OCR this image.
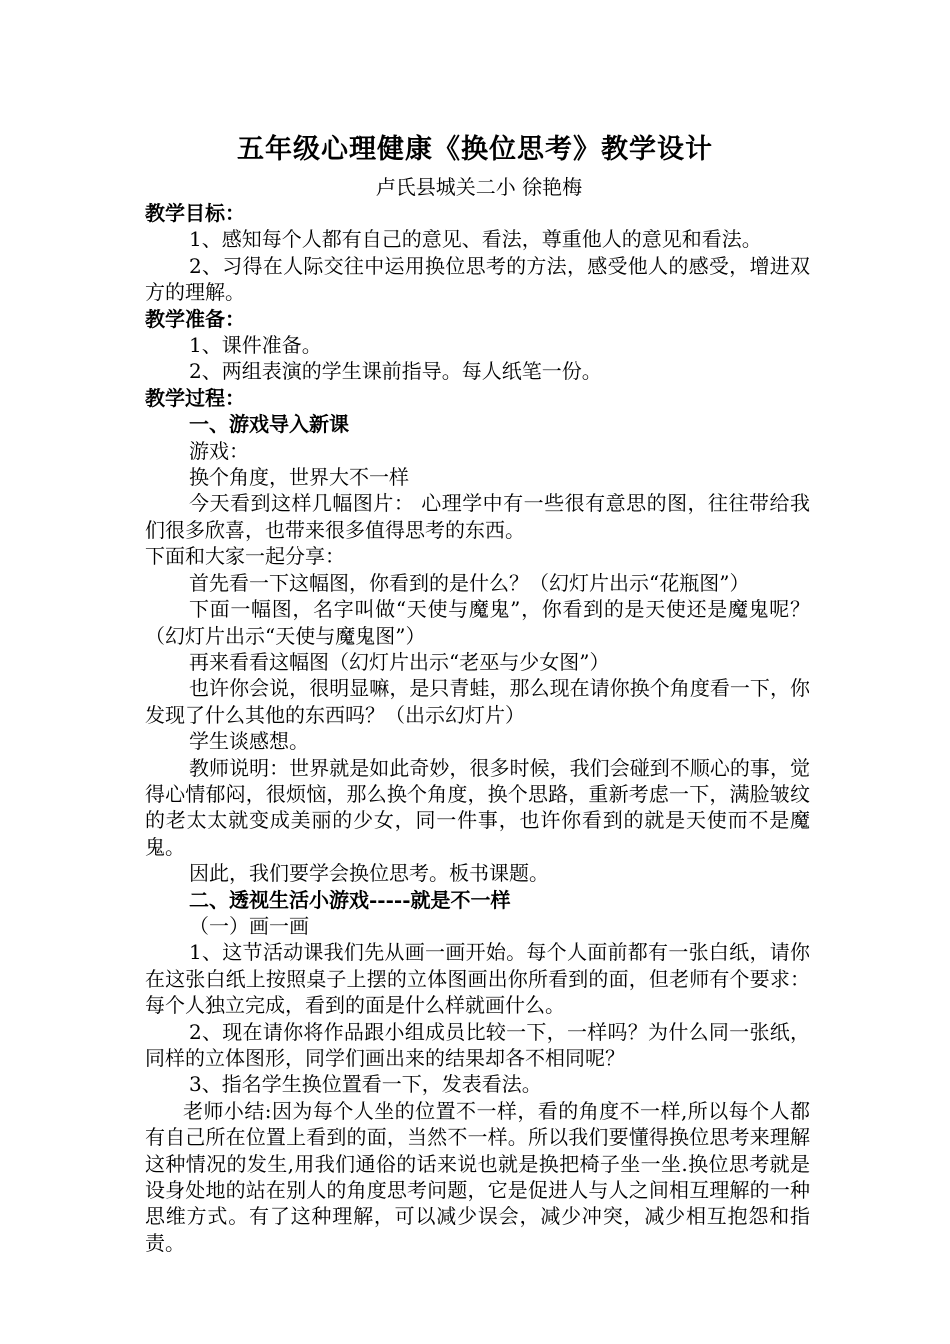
五年级心理健康《换位思考》教学设计
卢氏县城关二小 徐艳梅

教学目标：

1、感知每个人都有自己的意见、看法，尊重他人的意见和看法。

2、习得在人际交往中运用换位思考的方法，感受他人的感受，增进双方的理解。

教学准备：

1、课件准备。

2、两组表演的学生课前指导。每人纸笔一份。

教学过程：

一、游戏导入新课

游戏：

换个角度，世界大不一样

今天看到这样几幅图片： 心理学中有一些很有意思的图，往往带给我们很多欣喜，也带来很多值得思考的东西。

下面和大家一起分享：

首先看一下这幅图，你看到的是什么？（幻灯片出示“花瓶图”）

下面一幅图，名字叫做“天使与魔鬼”，你看到的是天使还是魔鬼呢？（幻灯片出示“天使与魔鬼图”）

再来看看这幅图（幻灯片出示“老巫与少女图”）

也许你会说，很明显嘛，是只青蛙，那么现在请你换个角度看一下，你发现了什么其他的东西吗？（出示幻灯片）

学生谈感想。

教师说明：世界就是如此奇妙，很多时候，我们会碰到不顺心的事，觉得心情郁闷，很烦恼，那么换个角度，换个思路，重新考虑一下，满脸皱纹的老太太就变成美丽的少女，同一件事，也许你看到的就是天使而不是魔鬼。

因此，我们要学会换位思考。板书课题。

二、透视生活小游戏-----就是不一样

（一）画一画

1、这节活动课我们先从画一画开始。每个人面前都有一张白纸，请你在这张白纸上按照桌子上摆的立体图画出你所看到的面，但老师有个要求：每个人独立完成，看到的面是什么样就画什么。

2、现在请你将作品跟小组成员比较一下，一样吗？为什么同一张纸，同样的立体图形，同学们画出来的结果却各不相同呢？

3、指名学生换位置看一下，发表看法。

老师小结:因为每个人坐的位置不一样，看的角度不一样,所以每个人都有自己所在位置上看到的面，当然不一样。所以我们要懂得换位思考来理解这种情况的发生,用我们通俗的话来说也就是换把椅子坐一坐.换位思考就是设身处地的站在别人的角度思考问题，它是促进人与人之间相互理解的一种思维方式。有了这种理解，可以减少误会，减少冲突，减少相互抱怨和指责。
